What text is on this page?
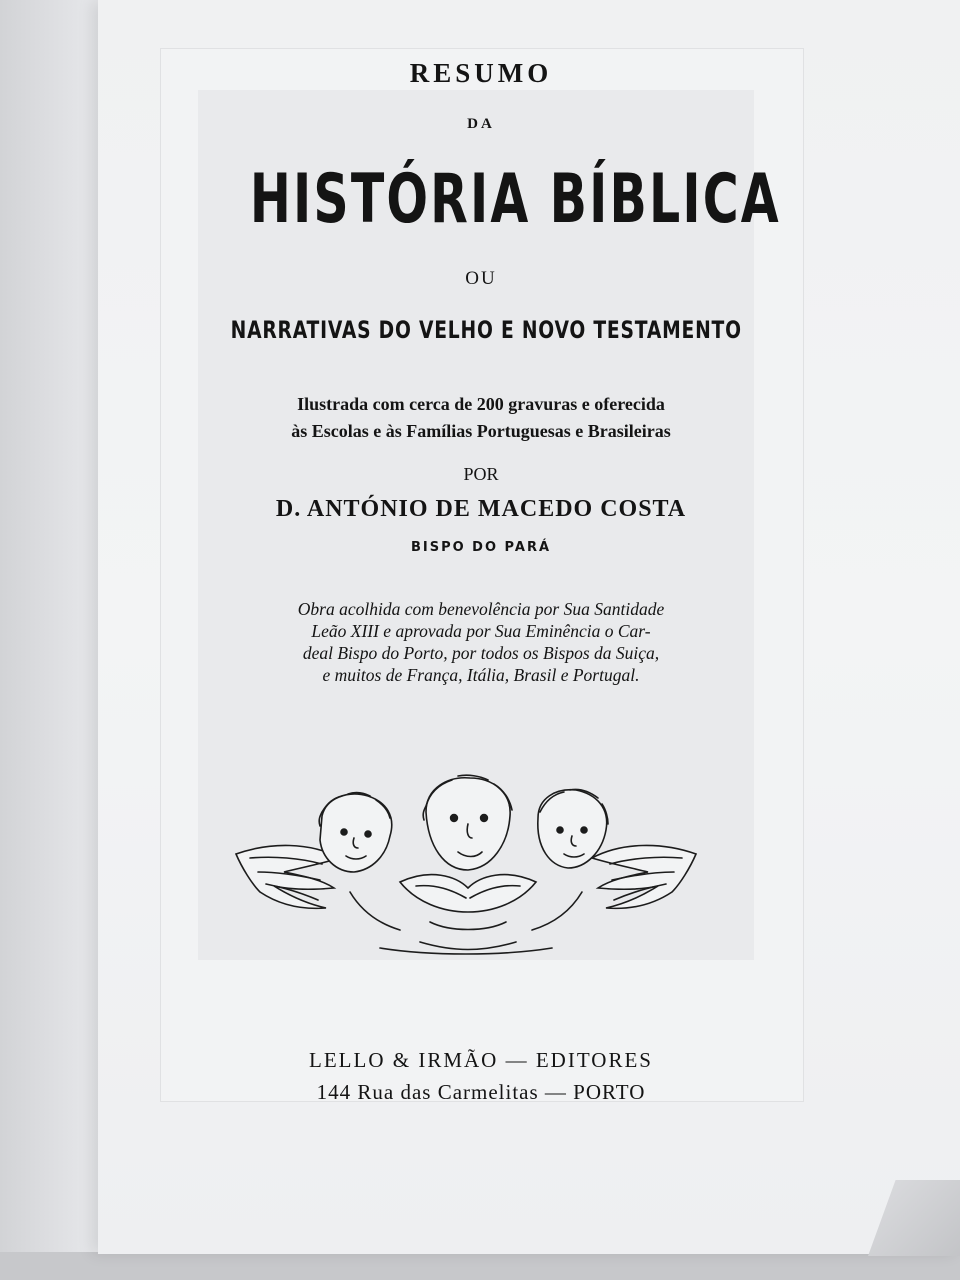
RESUMO

DA

HISTÓRIA BÍBLICA

OU

NARRATIVAS DO VELHO E NOVO TESTAMENTO

Ilustrada com cerca de 200 gravuras e oferecida

às Escolas e às Famílias Portuguesas e Brasileiras

POR

D. ANTÓNIO DE MACEDO COSTA

BISPO DO PARÁ

Obra acolhida com benevolência por Sua Santidade

Leão XIII e aprovada por Sua Eminência o Car-

deal Bispo do Porto, por todos os Bispos da Suiça,

e muitos de França, Itália, Brasil e Portugal.

LELLO & IRMÃO — EDITORES

144 Rua das Carmelitas — PORTO
